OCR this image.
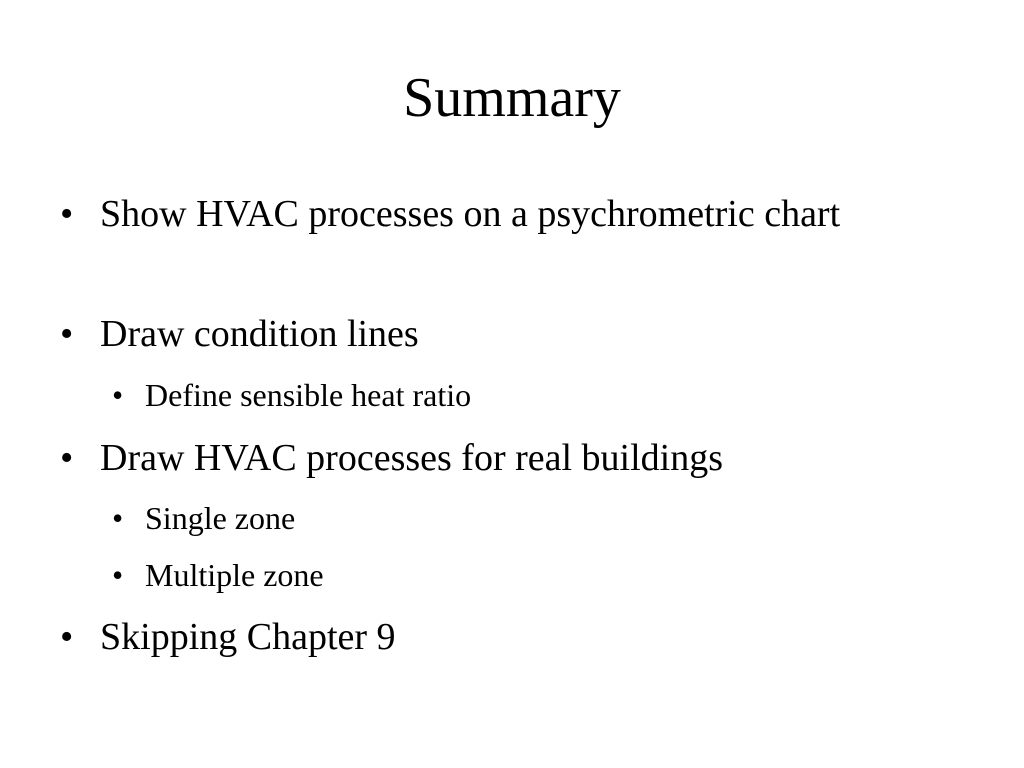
Summary
• Show HVAC processes on a psychrometric chart
• Draw condition lines
• Define sensible heat ratio
• Draw HVAC processes for real buildings
• Single zone
• Multiple zone
• Skipping Chapter 9
